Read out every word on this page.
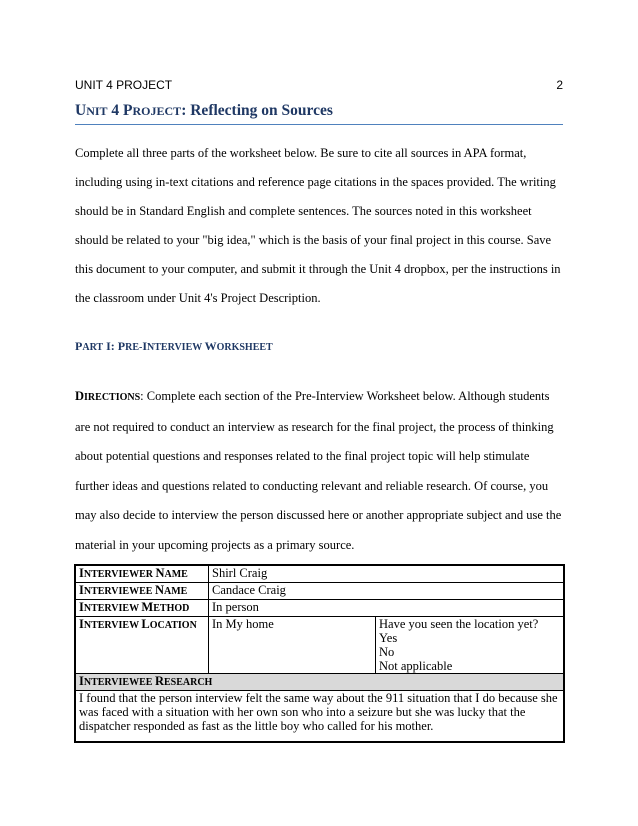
UNIT 4 PROJECT	2
UNIT 4 PROJECT: Reflecting on Sources
Complete all three parts of the worksheet below. Be sure to cite all sources in APA format,
including using in-text citations and reference page citations in the spaces provided. The writing
should be in Standard English and complete sentences. The sources noted in this worksheet
should be related to your "big idea," which is the basis of your final project in this course. Save
this document to your computer, and submit it through the Unit 4 dropbox, per the instructions in
the classroom under Unit 4's Project Description.
PART I: PRE-INTERVIEW WORKSHEET
DIRECTIONS: Complete each section of the Pre-Interview Worksheet below. Although students
are not required to conduct an interview as research for the final project, the process of thinking
about potential questions and responses related to the final project topic will help stimulate
further ideas and questions related to conducting relevant and reliable research. Of course, you
may also decide to interview the person discussed here or another appropriate subject and use the
material in your upcoming projects as a primary source.
INTERVIEWER NAME	Shirl Craig	
INTERVIEWEE NAME	Candace Craig	
INTERVIEW METHOD	In person	
INTERVIEW LOCATION	In My home	Have you seen the location yet?
Yes
No
Not applicable

INTERVIEWEE RESEARCH		
I found that the person interview felt the same way about the 911 situation that I do because she was faced with a situation with her own son who into a seizure but she was lucky that the dispatcher responded as fast as the little boy who called for his mother.		
